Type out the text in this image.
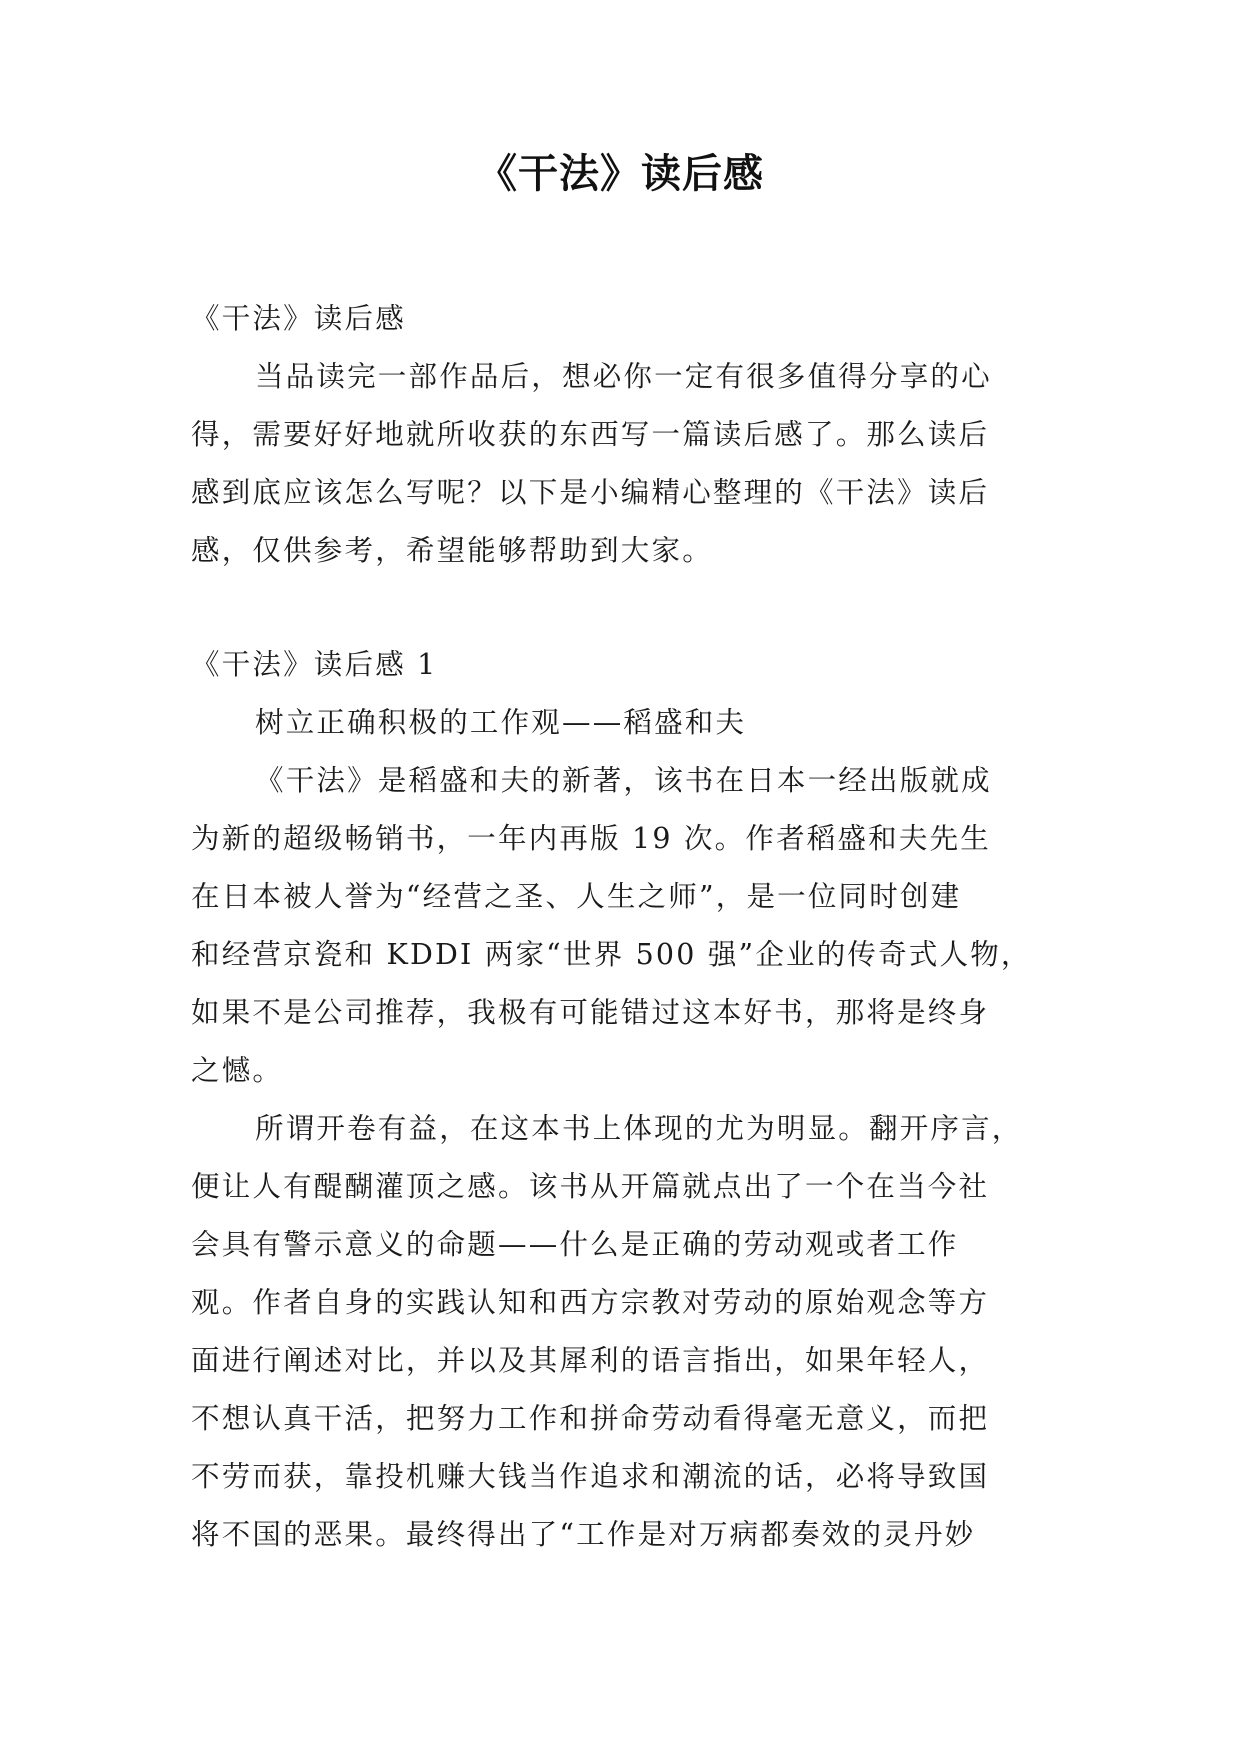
《干法》读后感
《干法》读后感
当品读完一部作品后，想必你一定有很多值得分享的心
得，需要好好地就所收获的东西写一篇读后感了。那么读后
感到底应该怎么写呢？以下是小编精心整理的《干法》读后
感，仅供参考，希望能够帮助到大家。
《干法》读后感 1
树立正确积极的工作观——稻盛和夫
《干法》是稻盛和夫的新著，该书在日本一经出版就成
为新的超级畅销书，一年内再版 19 次。作者稻盛和夫先生
在日本被人誉为“经营之圣、人生之师”，是一位同时创建
和经营京瓷和 KDDI 两家“世界 500 强”企业的传奇式人物，
如果不是公司推荐，我极有可能错过这本好书，那将是终身
之憾。
所谓开卷有益，在这本书上体现的尤为明显。翻开序言，
便让人有醍醐灌顶之感。该书从开篇就点出了一个在当今社
会具有警示意义的命题——什么是正确的劳动观或者工作
观。作者自身的实践认知和西方宗教对劳动的原始观念等方
面进行阐述对比，并以及其犀利的语言指出，如果年轻人，
不想认真干活，把努力工作和拼命劳动看得毫无意义，而把
不劳而获，靠投机赚大钱当作追求和潮流的话，必将导致国
将不国的恶果。最终得出了“工作是对万病都奏效的灵丹妙
